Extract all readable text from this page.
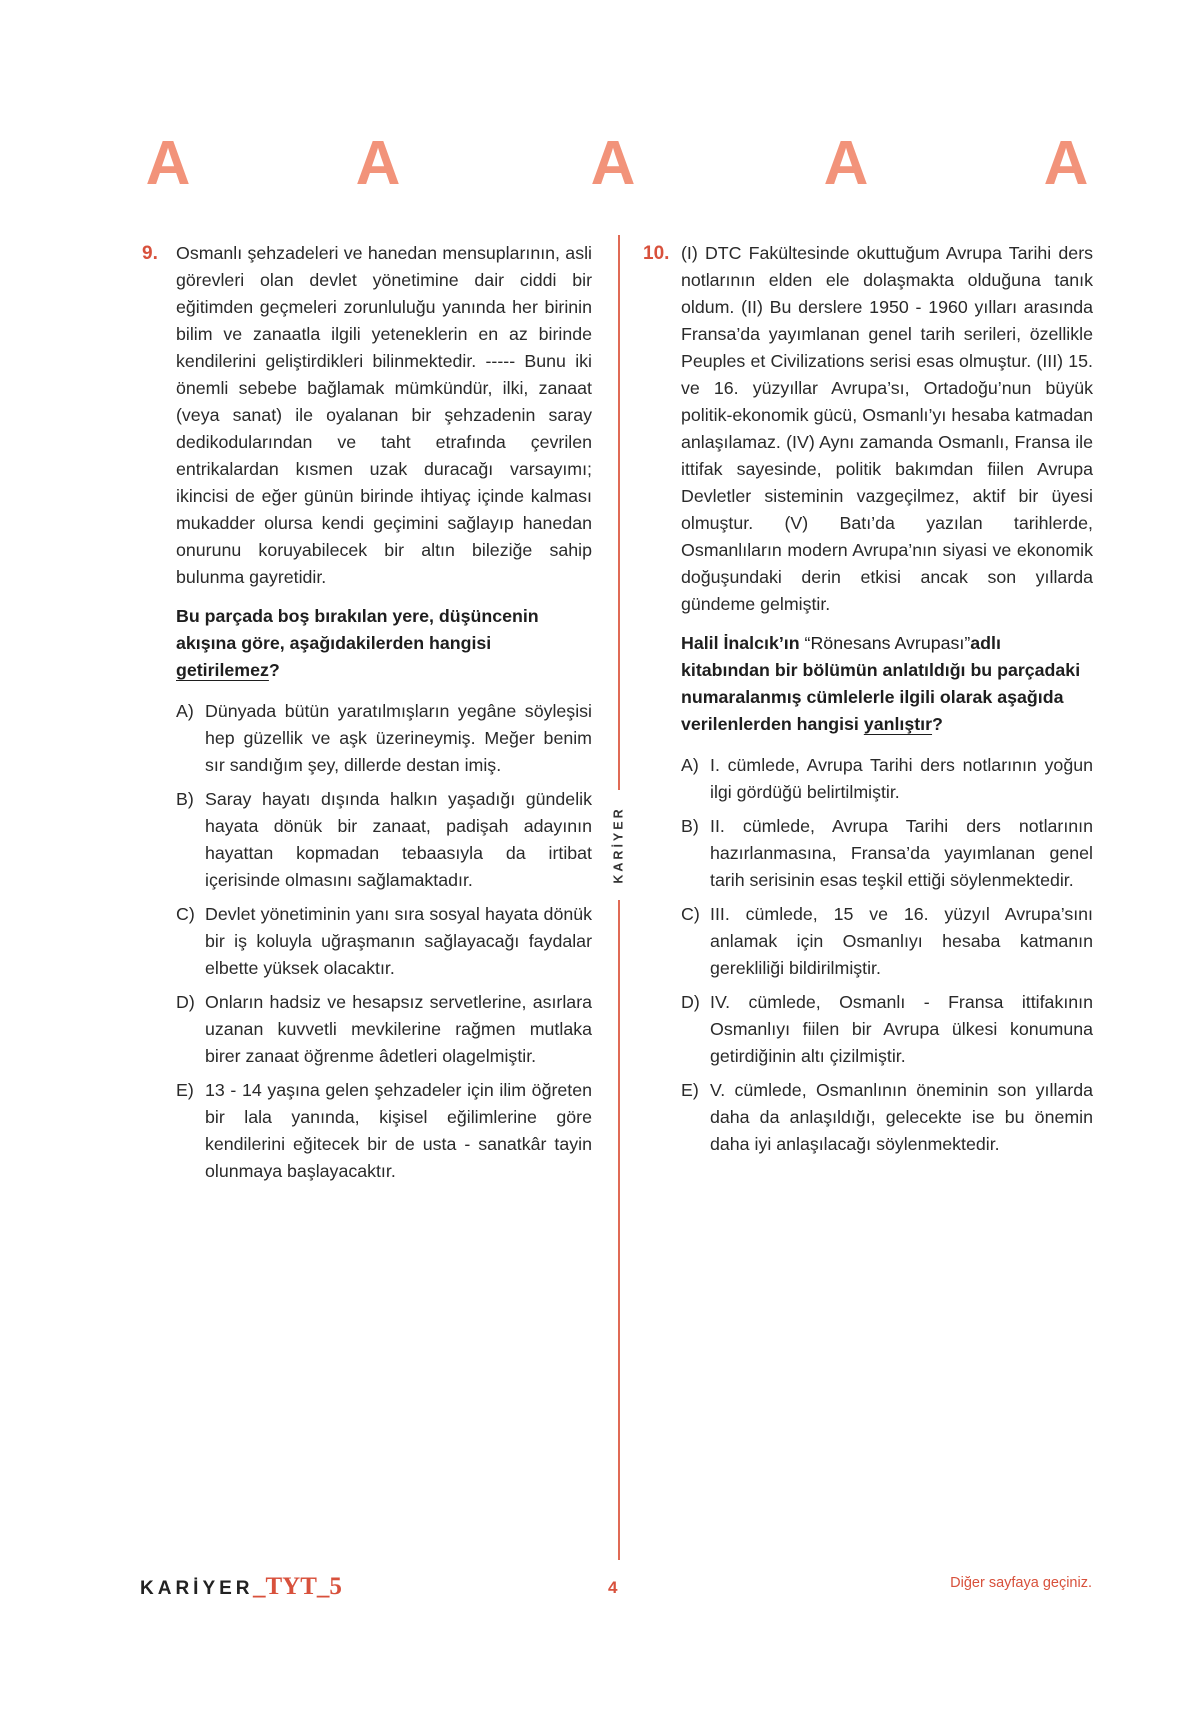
A	A	A	A	A
9. Osmanlı şehzadeleri ve hanedan mensuplarının, asli görevleri olan devlet yönetimine dair ciddi bir eğitimden geçmeleri zorunluluğu yanında her birinin bilim ve zanaatla ilgili yeteneklerin en az birinde kendilerini geliştirdikleri bilinmektedir. ----- Bunu iki önemli sebebe bağlamak mümkündür, ilki, zanaat (veya sanat) ile oyalanan bir şehzadenin saray dedikodularından ve taht etrafında çevrilen entrikalardan kısmen uzak duracağı varsayımı; ikincisi de eğer günün birinde ihtiyaç içinde kalması mukadder olursa kendi geçimini sağlayıp hanedan onurunu koruyabilecek bir altın bileziğe sahip bulunma gayretidir.
Bu parçada boş bırakılan yere, düşüncenin akışına göre, aşağıdakilerden hangisi getirilemez?
A) Dünyada bütün yaratılmışların yegâne söyleşisi hep güzellik ve aşk üzerineymiş. Meğer benim sır sandığım şey, dillerde destan imiş.
B) Saray hayatı dışında halkın yaşadığı gündelik hayata dönük bir zanaat, padişah adayının hayattan kopmadan tebaasıyla da irtibat içerisinde olmasını sağlamaktadır.
C) Devlet yönetiminin yanı sıra sosyal hayata dönük bir iş koluyla uğraşmanın sağlayacağı faydalar elbette yüksek olacaktır.
D) Onların hadsiz ve hesapsız servetlerine, asırlara uzanan kuvvetli mevkilerine rağmen mutlaka birer zanaat öğrenme âdetleri olagelmiştir.
E) 13 - 14 yaşına gelen şehzadeler için ilim öğreten bir lala yanında, kişisel eğilimlerine göre kendilerini eğitecek bir de usta - sanatkâr tayin olunmaya başlayacaktır.
KARİYER
10. (I) DTC Fakültesinde okuttuğum Avrupa Tarihi ders notlarının elden ele dolaşmakta olduğuna tanık oldum. (II) Bu derslere 1950 - 1960 yılları arasında Fransa’da yayımlanan genel tarih serileri, özellikle Peuples et Civilizations serisi esas olmuştur. (III) 15. ve 16. yüzyıllar Avrupa’sı, Ortadoğu’nun büyük politik-ekonomik gücü, Osmanlı’yı hesaba katmadan anlaşılamaz. (IV) Aynı zamanda Osmanlı, Fransa ile ittifak sayesinde, politik bakımdan fiilen Avrupa Devletler sisteminin vazgeçilmez, aktif bir üyesi olmuştur. (V) Batı’da yazılan tarihlerde, Osmanlıların modern Avrupa’nın siyasi ve ekonomik doğuşundaki derin etkisi ancak son yıllarda gündeme gelmiştir.
Halil İnalcık’ın “Rönesans Avrupası”adlı kitabından bir bölümün anlatıldığı bu parçadaki numaralanmış cümlelerle ilgili olarak aşağıda verilenlerden hangisi yanlıştır?
A) I. cümlede, Avrupa Tarihi ders notlarının yoğun ilgi gördüğü belirtilmiştir.
B) II. cümlede, Avrupa Tarihi ders notlarının hazırlanmasına, Fransa’da yayımlanan genel tarih serisinin esas teşkil ettiği söylenmektedir.
C) III. cümlede, 15 ve 16. yüzyıl Avrupa’sını anlamak için Osmanlıyı hesaba katmanın gerekliliği bildirilmiştir.
D) IV. cümlede, Osmanlı - Fransa ittifakının Osmanlıyı fiilen bir Avrupa ülkesi konumuna getirdiğinin altı çizilmiştir.
E) V. cümlede, Osmanlının öneminin son yıllarda daha da anlaşıldığı, gelecekte ise bu önemin daha iyi anlaşılacağı söylenmektedir.
KARİYER _TYT_5	4	Diğer sayfaya geçiniz.
